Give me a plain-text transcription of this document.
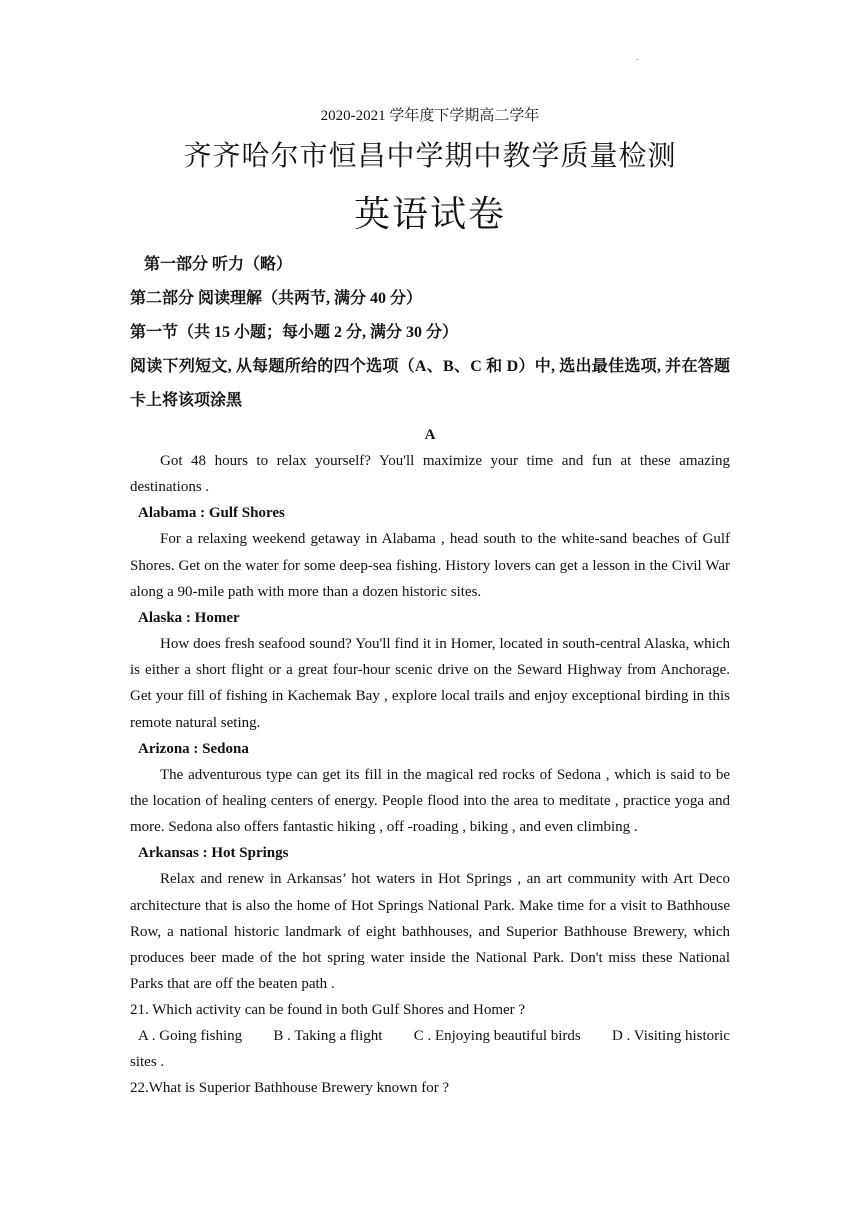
.
2020-2021 学年度下学期高二学年
齐齐哈尔市恒昌中学期中教学质量检测
英语试卷
第一部分 听力（略）
第二部分 阅读理解（共两节, 满分 40 分）
第一节（共 15 小题；每小题 2 分, 满分 30 分）
阅读下列短文, 从每题所给的四个选项（A、B、C 和 D）中, 选出最佳选项, 并在答题卡上将该项涂黑
A

Got 48 hours to relax yourself? You'll maximize your time and fun at these amazing destinations .

Alabama : Gulf Shores

For a relaxing weekend getaway in Alabama , head south to the white-sand beaches of Gulf Shores. Get on the water for some deep-sea fishing. History lovers can get a lesson in the Civil War along a 90-mile path with more than a dozen historic sites.

Alaska : Homer

How does fresh seafood sound? You'll find it in Homer, located in south-central Alaska, which is either a short flight or a great four-hour scenic drive on the Seward Highway from Anchorage. Get your fill of fishing in Kachemak Bay , explore local trails and enjoy exceptional birding in this remote natural seting.

Arizona : Sedona

The adventurous type can get its fill in the magical red rocks of Sedona , which is said to be the location of healing centers of energy. People flood into the area to meditate , practice yoga and more. Sedona also offers fantastic hiking , off -roading , biking , and even climbing .

Arkansas : Hot Springs

Relax and renew in Arkansas’ hot waters in Hot Springs , an art community with Art Deco architecture that is also the home of Hot Springs National Park. Make time for a visit to Bathhouse Row, a national historic landmark of eight bathhouses, and Superior Bathhouse Brewery, which produces beer made of the hot spring water inside the National Park. Don't miss these National Parks that are off the beaten path .

21. Which activity can be found in both Gulf Shores and Homer ?

A . Going fishing B . Taking a flight C . Enjoying beautiful birds D . Visiting historic
sites .

22.What is Superior Bathhouse Brewery known for ?
